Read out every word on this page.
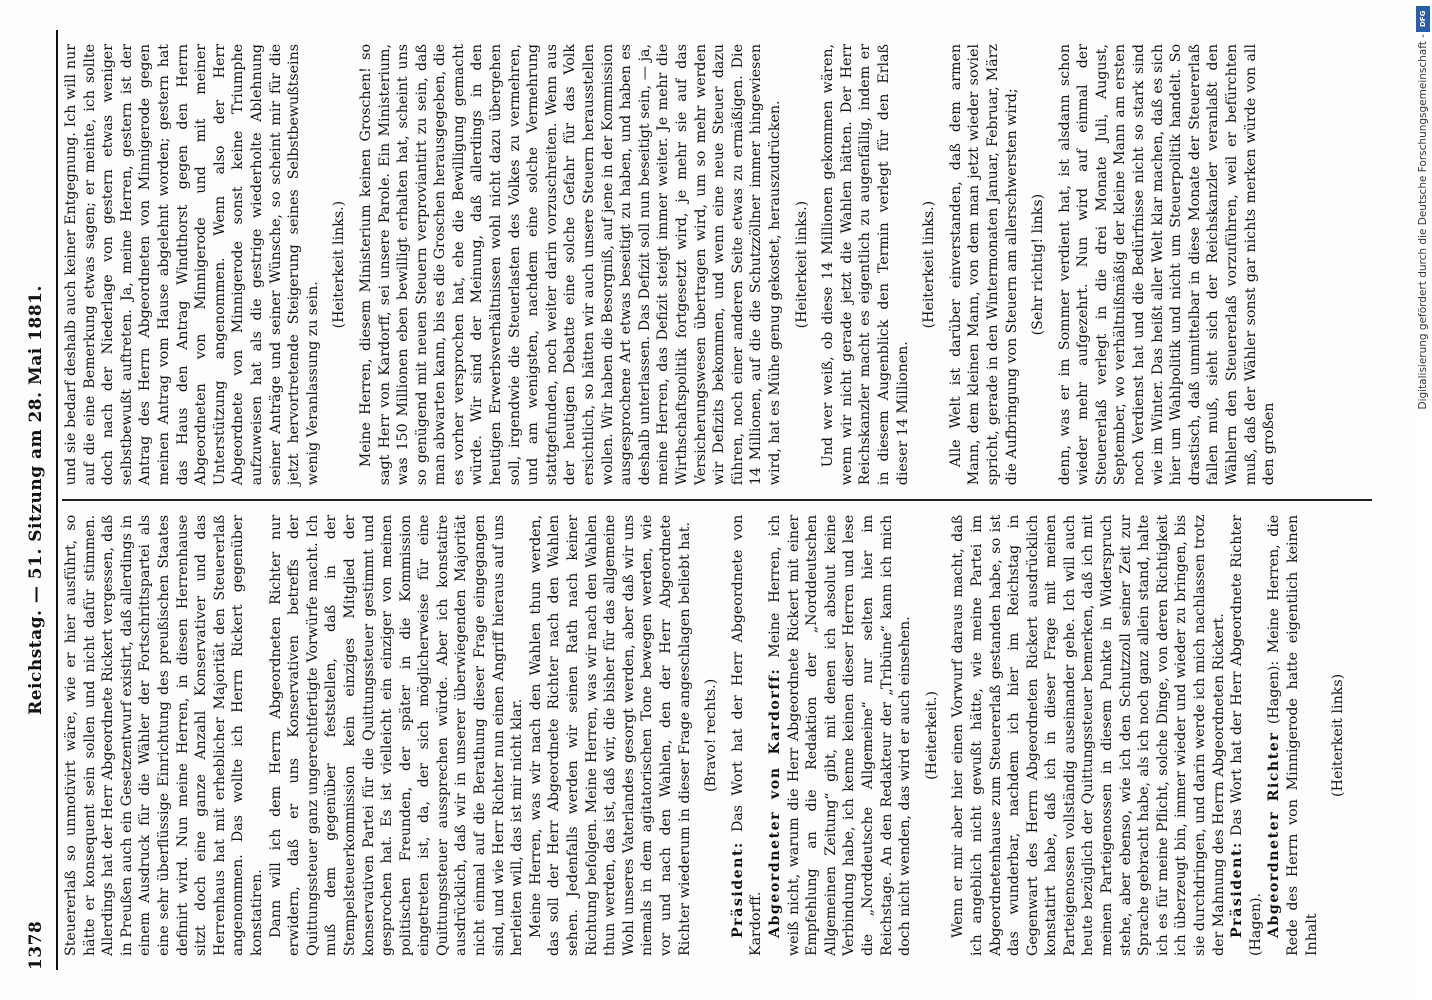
1378
Reichstag. — 51. Sitzung am 28. Mai 1881.

Steuererlaß so unmotivirt wäre, wie er hier ausführt, so hätte er konsequent sein sollen und nicht dafür stimmen. Allerdings hat der Herr Abgeordnete Rickert vergessen, daß in Preußen auch ein Gesetzentwurf existirt, daß allerdings in einem Ausdruck für die Wähler der Fortschrittspartei als eine sehr überflüssige Einrichtung des preußischen Staates definirt wird. Nun meine Herren, in diesen Herrenhause sitzt doch eine ganze Anzahl Konservativer und das Herrenhaus hat mit erheblicher Majorität den Steuererlaß angenommen. Das wollte ich Herrn Rickert gegenüber konstatiren. Dann will ich dem Herrn Abgeordneten Richter nur erwidern, daß er uns Konservativen betreffs der Quittungssteuer ganz ungerechtfertigte Vorwürfe macht. Ich muß dem gegenüber feststellen, daß in der Stempelsteuerkommission kein einziges Mitglied der konservativen Partei für die Quittungssteuer gestimmt und gesprochen hat. Es ist vielleicht ein einziger von meinen politischen Freunden, der später in die Kommission eingetreten ist, da, der sich möglicherweise für eine Quittungssteuer aussprechen würde. Aber ich konstatire ausdrücklich, daß wir in unserer überwiegenden Majorität nicht einmal auf die Berathung dieser Frage eingegangen sind, und wie Herr Richter nun einen Angriff hieraus auf uns herleiten will, das ist mir nicht klar. Meine Herren, was wir nach den Wahlen thun werden, das soll der Herr Abgeordnete Richter nach den Wahlen sehen. Jedenfalls werden wir seinen Rath nach keiner Richtung befolgen. Meine Herren, was wir nach den Wahlen thun werden, das ist, daß wir, die bisher für das allgemeine Wohl unseres Vaterlandes gesorgt werden, aber daß wir uns niemals in dem agitatorischen Tone bewegen werden, wie vor und nach den Wahlen, den der Herr Abgeordnete Richter wiederum in dieser Frage angeschlagen beliebt hat. (Bravo! rechts.)

Präsident: Das Wort hat der Herr Abgeordnete von Kardorff. Abgeordneter von Kardorff: Meine Herren, ich weiß nicht, warum die Herr Abgeordnete Rickert mit einer Empfehlung an die Redaktion der „Norddeutschen Allgemeinen Zeitung“ gibt, mit denen ich absolut keine Verbindung habe, ich kenne keinen dieser Herren und lese die „Norddeutsche Allgemeine“ nur selten hier im Reichstage. An den Redakteur der „Tribüne“ kann ich mich doch nicht wenden, das wird er auch einsehen. (Heiterkeit.) Wenn er mir aber hier einen Vorwurf daraus macht, daß ich angeblich nicht gewußt hätte, wie meine Partei im Abgeordnetenhause zum Steuererlaß gestanden habe, so ist das wunderbar, nachdem ich hier im Reichstag in Gegenwart des Herrn Abgeordneten Rickert ausdrücklich konstatirt habe, daß ich in dieser Frage mit meinen Parteigenossen vollständig auseinander gehe. Ich will auch heute bezüglich der Quittungssteuer bemerken, daß ich mit meinen Parteigenossen in diesem Punkte in Widerspruch stehe, aber ebenso, wie ich den Schutzzoll seiner Zeit zur Sprache gebracht habe, als ich noch ganz allein stand, halte ich es für meine Pflicht, solche Dinge, von deren Richtigkeit ich überzeugt bin, immer wieder und wieder zu bringen, bis sie durchdringen, und darin werde ich mich nachlassen trotz der Mahnung des Herrn Abgeordneten Rickert. Präsident: Das Wort hat der Herr Abgeordnete Richter (Hagen). Abgeordneter Richter (Hagen): Meine Herren, die Rede des Herrn von Minnigerode hatte eigentlich keinen Inhalt

(Heiterkeit links)

und sie bedarf deshalb auch keiner Entgegnung. Ich will nur auf die eine Bemerkung etwas sagen; er meinte, ich sollte doch nach der Niederlage von gestern etwas weniger selbstbewußt auftreten. Ja, meine Herren, gestern ist der Antrag des Herrn Abgeordneten von Minnigerode gegen meinen Antrag vom Hause abgelehnt worden; gestern hat das Haus den Antrag Windthorst gegen den Herrn Abgeordneten von Minnigerode und mit meiner Unterstützung angenommen. Wenn also der Herr Abgeordnete von Minnigerode sonst keine Triumphe aufzuweisen hat als die gestrige wiederholte Ablehnung seiner Anträge und seiner Wünsche, so scheint mir für die jetzt hervortretende Steigerung seines Selbstbewußtseins wenig Veranlassung zu sein.

(Heiterkeit links.) Meine Herren, diesem Ministerium keinen Groschen! so sagt Herr von Kardorff, sei unsere Parole. Ein Ministerium, was 150 Millionen eben bewilligt erhalten hat, scheint uns so genügend mit neuen Steuern verproviantirt zu sein, daß man abwarten kann, bis es die Groschen herausgegeben, die es vorher versprochen hat, ehe die Bewilligung gemacht würde. Wir sind der Meinung, daß allerdings in den heutigen Erwerbsverhältnissen wohl nicht dazu übergehen soll, irgendwie die Steuerlasten des Volkes zu vermehren, und am wenigsten, nachdem eine solche Vermehrung stattgefunden, noch weiter darin vorzuschreiten. Wenn aus der heutigen Debatte eine solche Gefahr für das Volk ersichtlich, so hätten wir auch unsere Steuern herausstellen wollen. Wir haben die Besorgniß, auf jene in der Kommission ausgesprochene Art etwas beseitigt zu haben, und haben es deshalb unterlassen. Das Defizit soll nun beseitigt sein, — ja, meine Herren, das Defizit steigt immer weiter. Je mehr die Wirthschaftspolitik fortgesetzt wird, je mehr sie auf das Versicherungswesen übertragen wird, um so mehr werden wir Defizits bekommen, und wenn eine neue Steuer dazu führen, noch einer anderen Seite etwas zu ermäßigen. Die 14 Millionen, auf die die Schutzzöllner immer hingewiesen wird, hat es Mühe genug gekostet, herauszudrücken. (Heiterkeit links.) Und wer weiß, ob diese 14 Millionen gekommen wären, wenn wir nicht gerade jetzt die Wahlen hätten. Der Herr Reichskanzler macht es eigentlich zu augenfällig, indem er in diesem Augenblick den Termin verlegt für den Erlaß dieser 14 Millionen.

(Heiterkeit links.) Alle Welt ist darüber einverstanden, daß dem armen Mann, dem kleinen Mann, von dem man jetzt wieder soviel spricht, gerade in den Wintermonaten Januar, Februar, März die Aufbringung von Steuern am allerschwersten wird; (Sehr richtig! links) denn, was er im Sommer verdient hat, ist alsdann schon wieder mehr aufgezehrt. Nun wird auf einmal der Steuererlaß verlegt in die drei Monate Juli, August, September, wo verhältnißmäßig der kleine Mann am ersten noch Verdienst hat und die Bedürfnisse nicht so stark sind wie im Winter. Das heißt aller Welt klar machen, daß es sich hier um Wahlpolitik und nicht um Steuerpolitik handelt. So drastisch, daß unmittelbar in diese Monate der Steuererlaß fallen muß, sieht sich der Reichskanzler veranlaßt den Wählern den Steuererlaß vorzuführen, weil er befürchten muß, daß der Wähler sonst gar nichts merken würde von all den großen

Digitalisierung gefördert durch die Deutsche Forschungsgemeinschaft -
DFG
